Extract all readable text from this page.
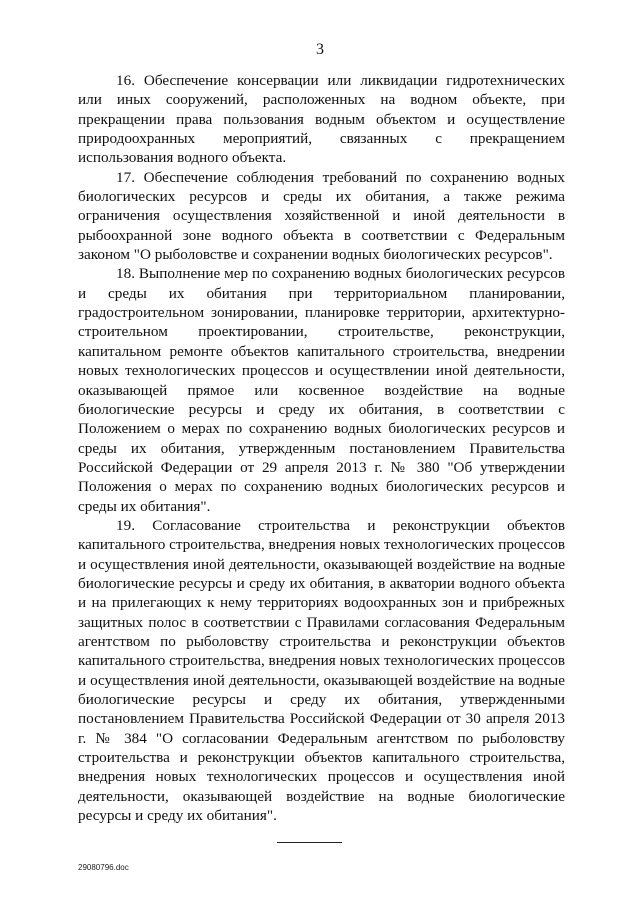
3

16. Обеспечение консервации или ликвидации гидротехнических или иных сооружений, расположенных на водном объекте, при прекращении права пользования водным объектом и осуществление природоохранных мероприятий, связанных с прекращением использования водного объекта.

17. Обеспечение соблюдения требований по сохранению водных биологических ресурсов и среды их обитания, а также режима ограничения осуществления хозяйственной и иной деятельности в рыбоохранной зоне водного объекта в соответствии с Федеральным законом "О рыболовстве и сохранении водных биологических ресурсов".

18. Выполнение мер по сохранению водных биологических ресурсов и среды их обитания при территориальном планировании, градостроительном зонировании, планировке территории, архитектурно-строительном проектировании, строительстве, реконструкции, капитальном ремонте объектов капитального строительства, внедрении новых технологических процессов и осуществлении иной деятельности, оказывающей прямое или косвенное воздействие на водные биологические ресурсы и среду их обитания, в соответствии с Положением о мерах по сохранению водных биологических ресурсов и среды их обитания, утвержденным постановлением Правительства Российской Федерации от 29 апреля 2013 г. № 380 "Об утверждении Положения о мерах по сохранению водных биологических ресурсов и среды их обитания".

19. Согласование строительства и реконструкции объектов капитального строительства, внедрения новых технологических процессов и осуществления иной деятельности, оказывающей воздействие на водные биологические ресурсы и среду их обитания, в акватории водного объекта и на прилегающих к нему территориях водоохранных зон и прибрежных защитных полос в соответствии с Правилами согласования Федеральным агентством по рыболовству строительства и реконструкции объектов капитального строительства, внедрения новых технологических процессов и осуществления иной деятельности, оказывающей воздействие на водные биологические ресурсы и среду их обитания, утвержденными постановлением Правительства Российской Федерации от 30 апреля 2013 г. № 384 "О согласовании Федеральным агентством по рыболовству строительства и реконструкции объектов капитального строительства, внедрения новых технологических процессов и осуществления иной деятельности, оказывающей воздействие на водные биологические ресурсы и среду их обитания".

29080796.doc
